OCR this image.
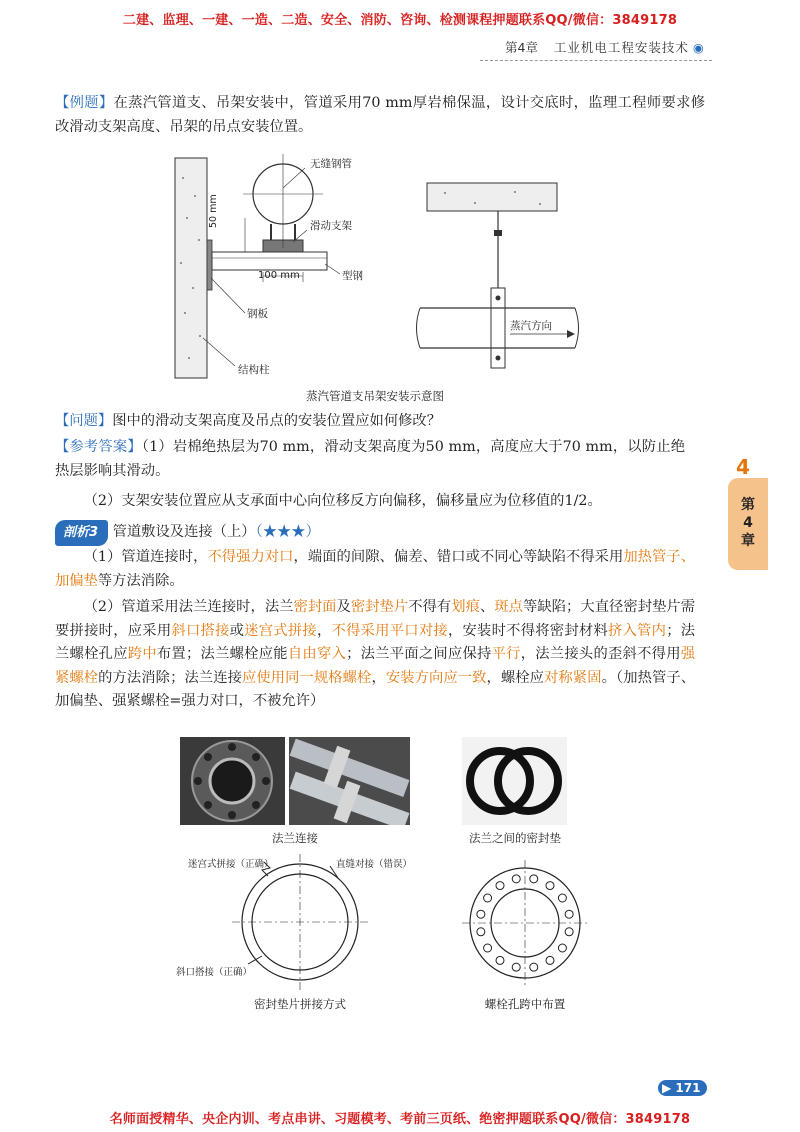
二建、监理、一建、一造、二造、安全、消防、咨询、检测课程押题联系QQ/微信：3849178
第4章 工业机电工程安装技术 ◉
【例题】在蒸汽管道支、吊架安装中，管道采用70 mm厚岩棉保温，设计交底时，监理工程师要求修改滑动支架高度、吊架的吊点安装位置。
无缝钢管
滑动支架
50 mm
100 mm	型钢
钢板
结构柱
蒸汽方向
蒸汽管道支吊架安装示意图
【问题】图中的滑动支架高度及吊点的安装位置应如何修改？
【参考答案】（1）岩棉绝热层为70 mm，滑动支架高度为50 mm，高度应大于70 mm，以防止绝热层影响其滑动。
（2）支架安装位置应从支承面中心向位移反方向偏移，偏移量应为位移值的1/2。
剖析3 管道敷设及连接（上）（★★★）
（1）管道连接时，不得强力对口，端面的间隙、偏差、错口或不同心等缺陷不得采用加热管子、加偏垫等方法消除。
（2）管道采用法兰连接时，法兰密封面及密封垫片不得有划痕、斑点等缺陷；大直径密封垫片需要拼接时，应采用斜口搭接或迷宫式拼接，不得采用平口对接，安装时不得将密封材料挤入管内；法兰螺栓孔应跨中布置；法兰螺栓应能自由穿入；法兰平面之间应保持平行，法兰接头的歪斜不得用强紧螺栓的方法消除；法兰连接应使用同一规格螺栓，安装方向应一致，螺栓应对称紧固。（加热管子、加偏垫、强紧螺栓=强力对口，不被允许）
法兰连接	法兰之间的密封垫
迷宫式拼接（正确）	直缝对接（错误）
斜口搭接（正确）
密封垫片拼接方式	螺栓孔跨中布置
4
第
4
章
▶ 171
名师面授精华、央企内训、考点串讲、习题模考、考前三页纸、绝密押题联系QQ/微信：3849178
